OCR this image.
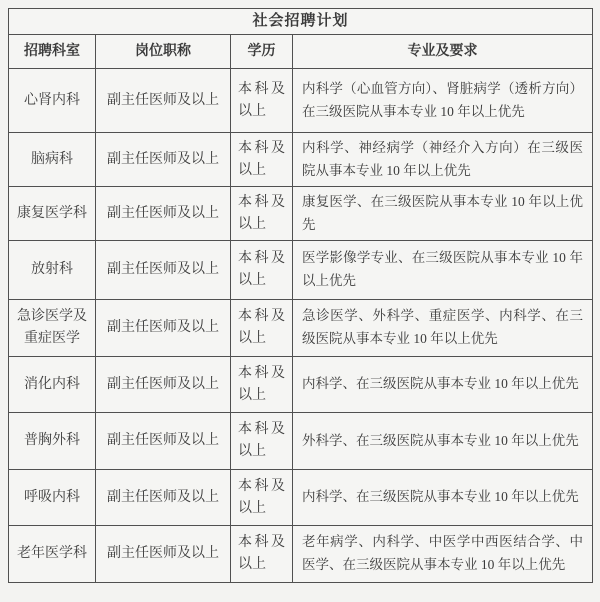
社会招聘计划			
招聘科室	岗位职称	学历	专业及要求
心肾内科	副主任医师及以上	本科及以上	内科学（心血管方向）、肾脏病学（透析方向）在三级医院从事本专业 10 年以上优先
脑病科	副主任医师及以上	本科及以上	内科学、神经病学（神经介入方向）在三级医院从事本专业 10 年以上优先
康复医学科	副主任医师及以上	本科及以上	康复医学、在三级医院从事本专业 10 年以上优先
放射科	副主任医师及以上	本科及以上	医学影像学专业、在三级医院从事本专业 10 年以上优先
急诊医学及重症医学	副主任医师及以上	本科及以上	急诊医学、外科学、重症医学、内科学、在三级医院从事本专业 10 年以上优先
消化内科	副主任医师及以上	本科及以上	内科学、在三级医院从事本专业 10 年以上优先
普胸外科	副主任医师及以上	本科及以上	外科学、在三级医院从事本专业 10 年以上优先
呼吸内科	副主任医师及以上	本科及以上	内科学、在三级医院从事本专业 10 年以上优先
老年医学科	副主任医师及以上	本科及以上	老年病学、内科学、中医学中西医结合学、中医学、在三级医院从事本专业 10 年以上优先
